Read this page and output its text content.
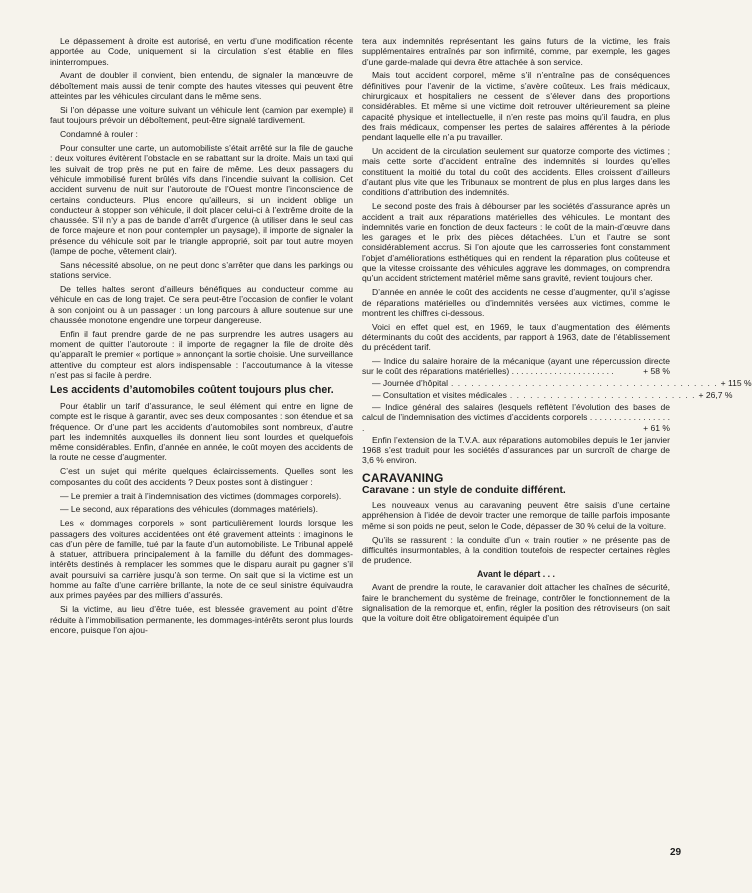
Le dépassement à droite est autorisé, en vertu d’une modification récente apportée au Code, uniquement si la circulation s’est établie en files ininterrompues.

Avant de doubler il convient, bien entendu, de signaler la manœuvre de déboîtement mais aussi de tenir compte des hautes vitesses qui peuvent être atteintes par les véhicules circulant dans le même sens.

Si l’on dépasse une voiture suivant un véhicule lent (camion par exemple) il faut toujours prévoir un déboîtement, peut-être signalé tardivement.

Condamné à rouler :

Pour consulter une carte, un automobiliste s’était arrêté sur la file de gauche : deux voitures évitèrent l’obstacle en se rabattant sur la droite. Mais un taxi qui les suivait de trop près ne put en faire de même. Les deux passagers du véhicule immobilisé furent brûlés vifs dans l’incendie suivant la collision. Cet accident survenu de nuit sur l’autoroute de l’Ouest montre l’inconscience de certains conducteurs. Plus encore qu’ailleurs, si un incident oblige un conducteur à stopper son véhicule, il doit placer celui-ci à l’extrême droite de la chaussée. S’il n’y a pas de bande d’arrêt d’urgence (à utiliser dans le seul cas de force majeure et non pour contempler un paysage), il importe de signaler la présence du véhicule soit par le triangle approprié, soit par tout autre moyen (lampe de poche, vêtement clair).

Sans nécessité absolue, on ne peut donc s’arrêter que dans les parkings ou stations service.

De telles haltes seront d’ailleurs bénéfiques au conducteur comme au véhicule en cas de long trajet. Ce sera peut-être l’occasion de confier le volant à son conjoint ou à un passager : un long parcours à allure soutenue sur une chaussée monotone engendre une torpeur dangereuse.

Enfin il faut prendre garde de ne pas surprendre les autres usagers au moment de quitter l’autoroute : il importe de regagner la file de droite dès qu’apparaît le premier « portique » annonçant la sortie choisie. Une surveillance attentive du compteur est alors indispensable : l’accoutumance à la vitesse n’est pas si facile à perdre.

Les accidents d’automobiles coûtent toujours plus cher.

Pour établir un tarif d’assurance, le seul élément qui entre en ligne de compte est le risque à garantir, avec ses deux composantes : son étendue et sa fréquence. Or d’une part les accidents d’automobiles sont nombreux, d’autre part les indemnités auxquelles ils donnent lieu sont lourdes et quelquefois même considérables. Enfin, d’année en année, le coût moyen des accidents de la route ne cesse d’augmenter.

C’est un sujet qui mérite quelques éclaircissements. Quelles sont les composantes du coût des accidents ? Deux postes sont à distinguer :

— Le premier a trait à l’indemnisation des victimes (dommages corporels).

— Le second, aux réparations des véhicules (dommages matériels).

Les « dommages corporels » sont particulièrement lourds lorsque les passagers des voitures accidentées ont été gravement atteints : imaginons le cas d’un père de famille, tué par la faute d’un automobiliste. Le Tribunal appelé à statuer, attribuera principalement à la famille du défunt des dommages-intérêts destinés à remplacer les sommes que le disparu aurait pu gagner s’il avait poursuivi sa carrière jusqu’à son terme. On sait que si la victime est un homme au faîte d’une carrière brillante, la note de ce seul sinistre équivaudra aux primes payées par des milliers d’assurés.

Si la victime, au lieu d’être tuée, est blessée gravement au point d’être réduite à l’immobilisation permanente, les dommages-intérêts seront plus lourds encore, puisque l’on ajou-

tera aux indemnités représentant les gains futurs de la victime, les frais supplémentaires entraînés par son infirmité, comme, par exemple, les gages d’une garde-malade qui devra être attachée à son service.

Mais tout accident corporel, même s’il n’entraîne pas de conséquences définitives pour l’avenir de la victime, s’avère coûteux. Les frais médicaux, chirurgicaux et hospitaliers ne cessent de s’élever dans des proportions considérables. Et même si une victime doit retrouver ultérieurement sa pleine capacité physique et intellectuelle, il n’en reste pas moins qu’il faudra, en plus des frais médicaux, compenser les pertes de salaires afférentes à la période pendant laquelle elle n’a pu travailler.

Un accident de la circulation seulement sur quatorze comporte des victimes ; mais cette sorte d’accident entraîne des indemnités si lourdes qu’elles constituent la moitié du total du coût des accidents. Elles croissent d’ailleurs d’autant plus vite que les Tribunaux se montrent de plus en plus larges dans les conditions d’attribution des indemnités.

Le second poste des frais à débourser par les sociétés d’assurance après un accident a trait aux réparations matérielles des véhicules. Le montant des indemnités varie en fonction de deux facteurs : le coût de la main-d’œuvre dans les garages et le prix des pièces détachées. L’un et l’autre se sont considérablement accrus. Si l’on ajoute que les carrosseries font constamment l’objet d’améliorations esthétiques qui en rendent la réparation plus coûteuse et que la vitesse croissante des véhicules aggrave les dommages, on comprendra qu’un accident strictement matériel même sans gravité, revient toujours cher.

D’année en année le coût des accidents ne cesse d’augmenter, qu’il s’agisse de réparations matérielles ou d’indemnités versées aux victimes, comme le montrent les chiffres ci-dessous.

Voici en effet quel est, en 1969, le taux d’augmentation des éléments déterminants du coût des accidents, par rapport à 1963, date de l’établissement du précédent tarif.

— Indice du salaire horaire de la mécanique (ayant une répercussion directe sur le coût des réparations matérielles) . . . . . . . . . . . . . . . . . . . . . .	+ 58 %
— Journée d’hôpital . . . . . . . . . . . . . . . . . . . . . . . . . . . . . . . . . . . . . . . . + 115 %
— Consultation et visites médicales . . . . . . . . . . . . . . . . . . . . . . . . . . . . + 26,7 %
— Indice général des salaires (lesquels reflètent l’évolution des bases de calcul de l’indemnisation des victimes d’accidents corporels . . . . . . . . . . . . . . . . . .	+ 61 %

Enfin l’extension de la T.V.A. aux réparations automobiles depuis le 1er janvier 1968 s’est traduit pour les sociétés d’assurances par un surcroît de charge de 3,6 % environ.

CARAVANING
Caravane : un style de conduite différent.

Les nouveaux venus au caravaning peuvent être saisis d’une certaine appréhension à l’idée de devoir tracter une remorque de taille parfois imposante même si son poids ne peut, selon le Code, dépasser de 30 % celui de la voiture.

Qu’ils se rassurent : la conduite d’un « train routier » ne présente pas de difficultés insurmontables, à la condition toutefois de respecter certaines règles de prudence.

Avant le départ . . .

Avant de prendre la route, le caravanier doit attacher les chaînes de sécurité, faire le branchement du système de freinage, contrôler le fonctionnement de la signalisation de la remorque et, enfin, régler la position des rétroviseurs (on sait que la voiture doit être obligatoirement équipée d’un

29
